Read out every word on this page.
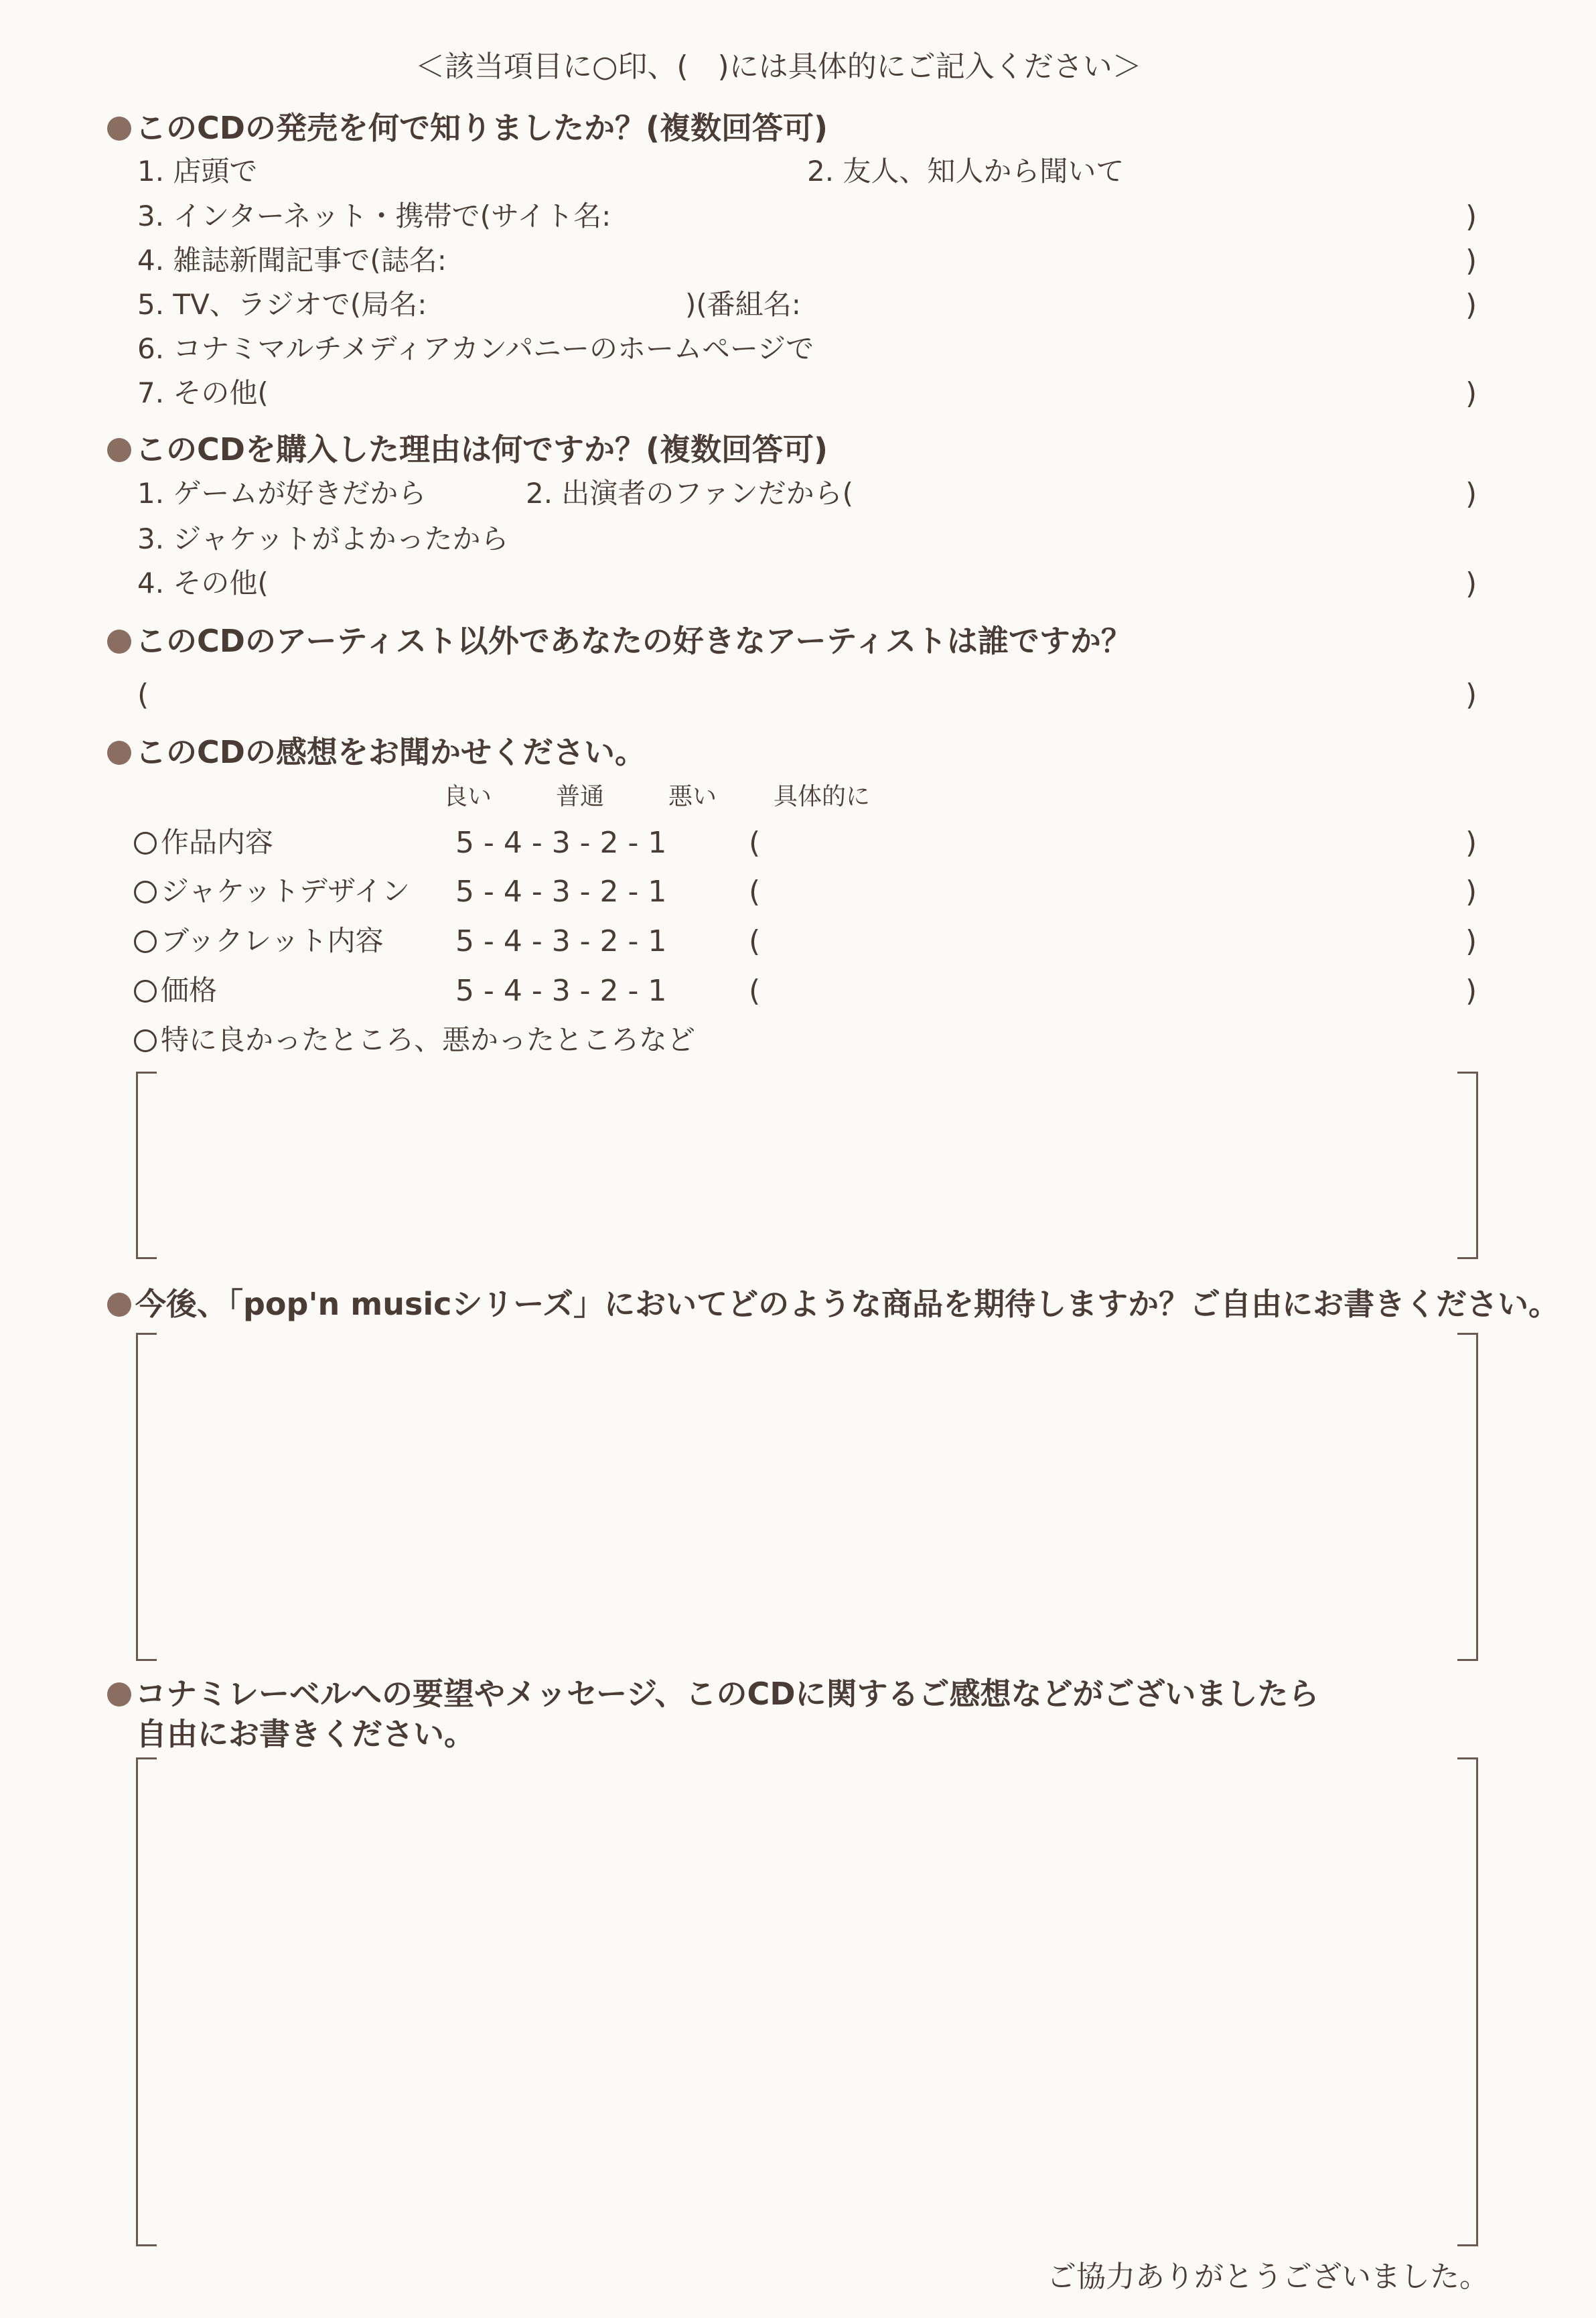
＜該当項目に○印、(　)には具体的にご記入ください＞
このCDの発売を何で知りましたか？(複数回答可)
1. 店頭で	2. 友人、知人から聞いて
3. インターネット・携帯で(サイト名:	)
4. 雑誌新聞記事で(誌名:	)
5. TV、ラジオで(局名:	)(番組名:	)
6. コナミマルチメディアカンパニーのホームページで
7. その他(	)
このCDを購入した理由は何ですか？(複数回答可)
1. ゲームが好きだから	2. 出演者のファンだから(	)
3. ジャケットがよかったから
4. その他(	)
このCDのアーティスト以外であなたの好きなアーティストは誰ですか？
(	)
このCDの感想をお聞かせください。
良い	普通	悪い 具体的に
作品内容	5 - 4 - 3 - 2 - 1	(	)
ジャケットデザイン 5 - 4 - 3 - 2 - 1	(	)
ブックレット内容 5 - 4 - 3 - 2 - 1	(	)
価格	5 - 4 - 3 - 2 - 1	(	)
特に良かったところ、悪かったところなど
今後、「pop'n musicシリーズ」においてどのような商品を期待しますか？ご自由にお書きください。
コナミレーベルへの要望やメッセージ、このCDに関するご感想などがございましたら
自由にお書きください。
ご協力ありがとうございました。
